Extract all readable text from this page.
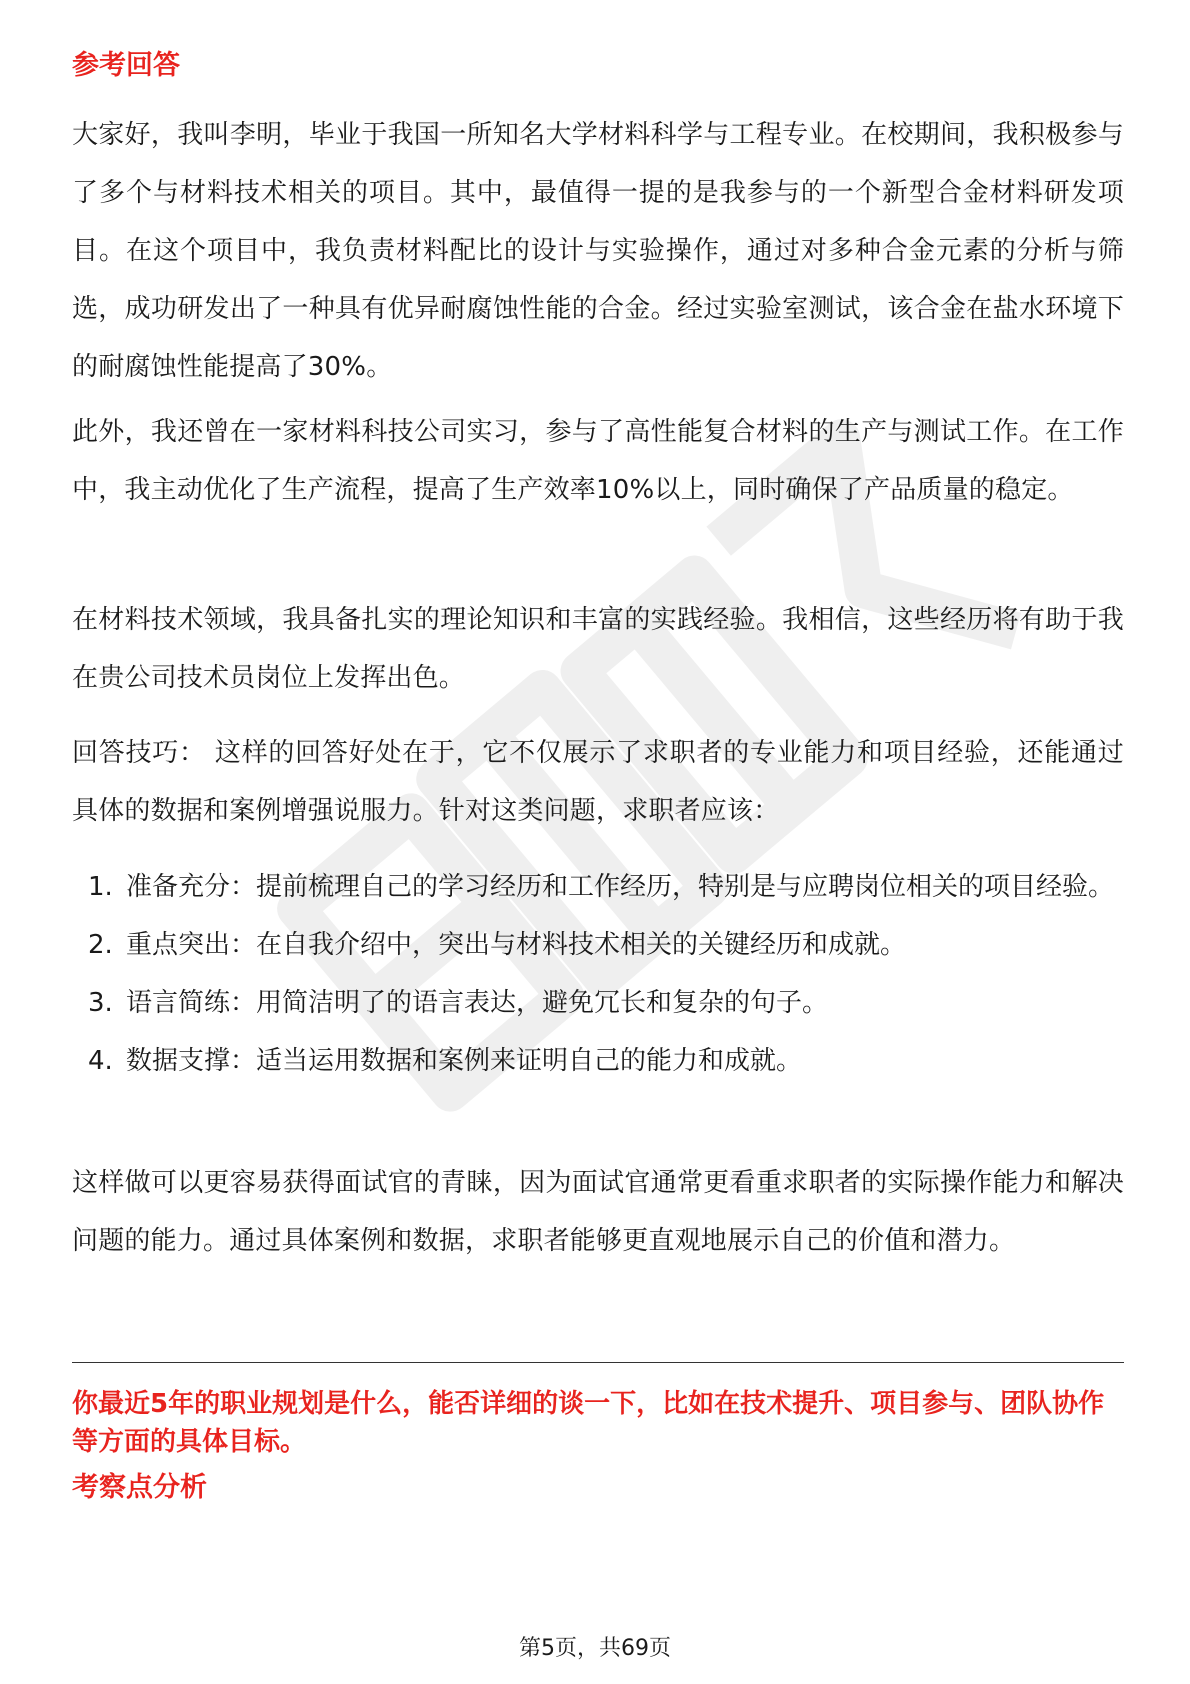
参考回答

大家好，我叫李明，毕业于我国一所知名大学材料科学与工程专业。在校期间，我积极参与了多个与材料技术相关的项目。其中，最值得一提的是我参与的一个新型合金材料研发项目。在这个项目中，我负责材料配比的设计与实验操作，通过对多种合金元素的分析与筛选，成功研发出了一种具有优异耐腐蚀性能的合金。经过实验室测试，该合金在盐水环境下的耐腐蚀性能提高了30%。

此外，我还曾在一家材料科技公司实习，参与了高性能复合材料的生产与测试工作。在工作中，我主动优化了生产流程，提高了生产效率10%以上，同时确保了产品质量的稳定。

在材料技术领域，我具备扎实的理论知识和丰富的实践经验。我相信，这些经历将有助于我在贵公司技术员岗位上发挥出色。

回答技巧： 这样的回答好处在于，它不仅展示了求职者的专业能力和项目经验，还能通过具体的数据和案例增强说服力。针对这类问题，求职者应该：

1. 准备充分：提前梳理自己的学习经历和工作经历，特别是与应聘岗位相关的项目经验。
2. 重点突出：在自我介绍中，突出与材料技术相关的关键经历和成就。
3. 语言简练：用简洁明了的语言表达，避免冗长和复杂的句子。
4. 数据支撑：适当运用数据和案例来证明自己的能力和成就。

这样做可以更容易获得面试官的青睐，因为面试官通常更看重求职者的实际操作能力和解决问题的能力。通过具体案例和数据，求职者能够更直观地展示自己的价值和潜力。

你最近5年的职业规划是什么，能否详细的谈一下，比如在技术提升、项目参与、团队协作等方面的具体目标。

考察点分析
第5页，共69页
